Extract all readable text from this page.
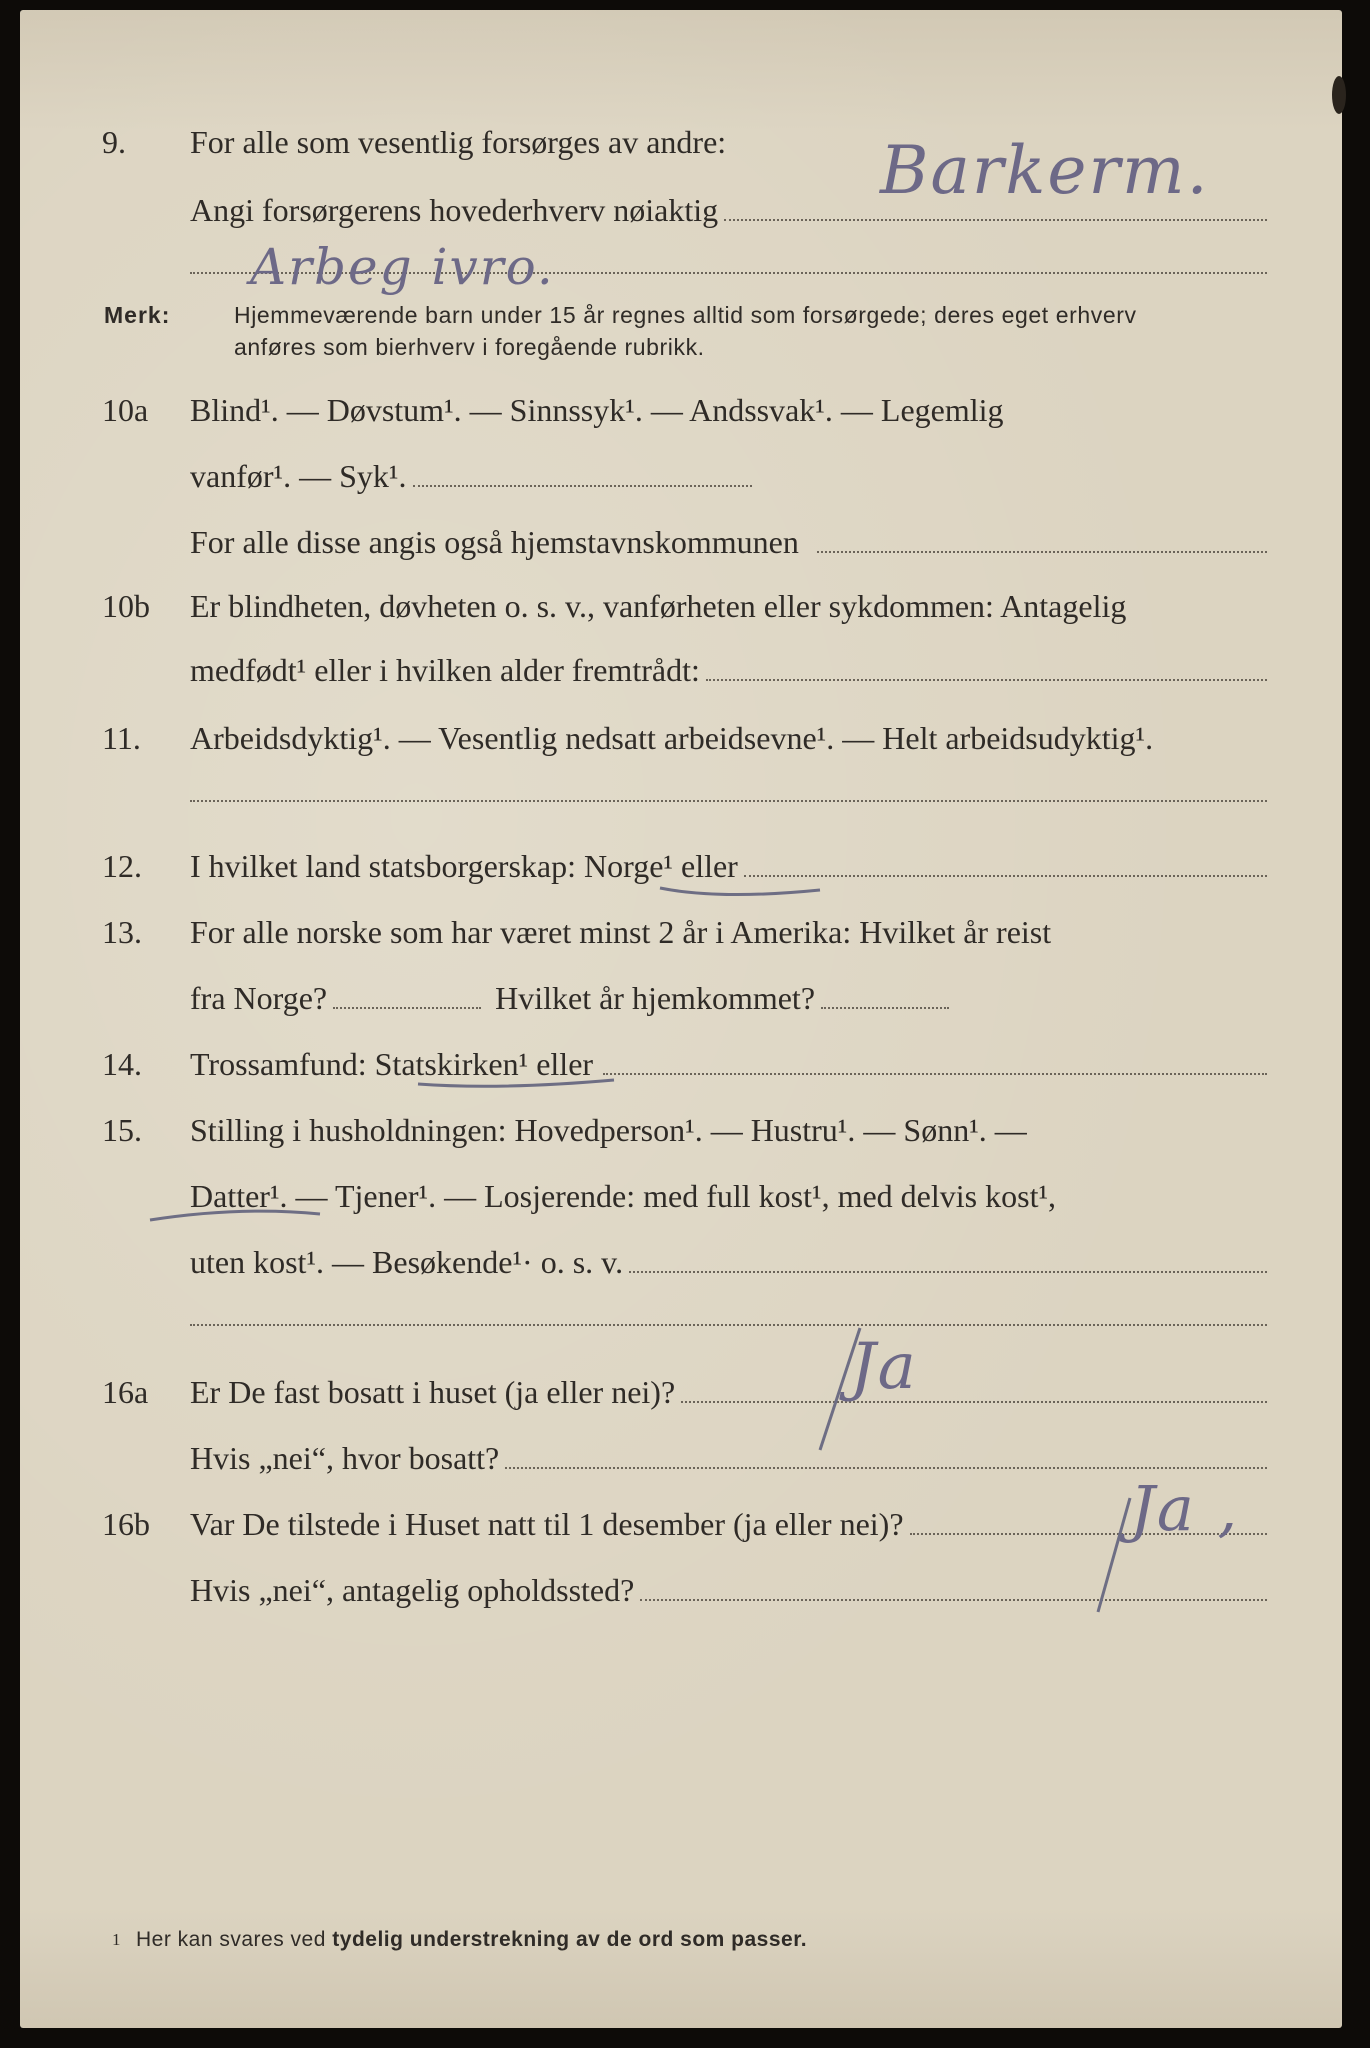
9. For alle som vesentlig forsørges av andre:
Angi forsørgerens hovederhverv nøiaktig
Barkerm.
Arbeg ivro.
Merk:	Hjemmeværende barn under 15 år regnes alltid som forsørgede; deres eget erhverv
anføres som bierhverv i foregående rubrikk.
10a Blind¹. — Døvstum¹. — Sinnssyk¹. — Andssvak¹. — Legemlig
vanfør¹. — Syk¹.
For alle disse angis også hjemstavnskommunen
10b Er blindheten, døvheten o. s. v., vanførheten eller sykdommen: Antagelig
medfødt¹ eller i hvilken alder fremtrådt:
11. Arbeidsdyktig¹. — Vesentlig nedsatt arbeidsevne¹. — Helt arbeidsudyktig¹.
12. I hvilket land statsborgerskap: Norge¹ eller
13. For alle norske som har været minst 2 år i Amerika: Hvilket år reist
fra Norge?	Hvilket år hjemkommet?
14. Trossamfund: Statskirken¹ eller
15. Stilling i husholdningen: Hovedperson¹. — Hustru¹. — Sønn¹. —
Datter¹. — Tjener¹. — Losjerende: med full kost¹, med delvis kost¹,
uten kost¹. — Besøkende¹· o. s. v.
16a Er De fast bosatt i huset (ja eller nei)?
Hvis „nei“, hvor bosatt?
Ja
16b Var De tilstede i Huset natt til 1 desember (ja eller nei)?
Hvis „nei“, antagelig opholdssted?
Ja ,
1 Her kan svares ved tydelig understrekning av de ord som passer.
